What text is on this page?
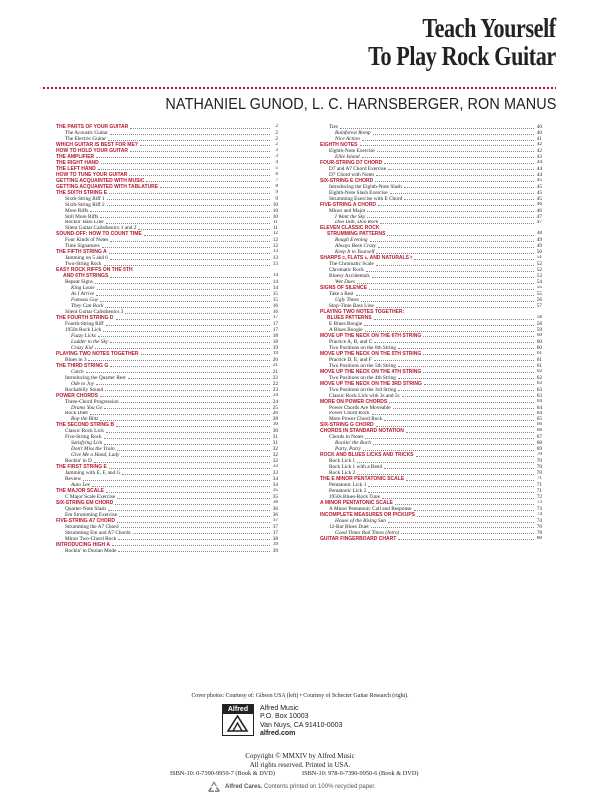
Teach Yourself
To Play Rock Guitar
NATHANIEL GUNOD, L. C. HARNSBERGER, RON MANUS
THE PARTS OF YOUR GUITAR	2
The Acoustic Guitar	2
The Electric Guitar	2
WHICH GUITAR IS BEST FOR ME?	2
HOW TO HOLD YOUR GUITAR	3
THE AMPLIFIER	3
THE RIGHT HAND	4
THE LEFT HAND	5
HOW TO TUNE YOUR GUITAR	6
GETTING ACQUAINTED WITH MUSIC	7
GETTING ACQUAINTED WITH TABLATURE	8
THE SIXTH STRING E	9
Sixth-String Riff 1	9
Sixth-String Riff 2	10
More Riffs	10
Still More Riffs	10
Rockin' Bass Line	11
Silent Guitar Calisthenics 1 and 2	11
SOUND-OFF: HOW TO COUNT TIME	12
Four Kinds of Notes	12
Time Signatures	12
THE FIFTH STRING A	13
Jamming on 5 and 6	13
Two-String Rock	13
EASY ROCK RIFFS ON THE 5TH
AND 6TH STRINGS	14
Repeat Signs	14
King Louie	14
As I Arrive	15
Famous Guy	15
They Can Rock	16
Silent Guitar Calisthenics 3	16
THE FOURTH STRING D	17
Fourth-String Riff	17
1950s Rock Lick	17
Fuzzy Licks	18
Ladder to the Sky	18
Crazy Kid	19
PLAYING TWO NOTES TOGETHER	19
Blues in 3	20
THE THIRD STRING G	21
Catch	21
Introducing the Quarter Rest	22
Ode to Joy	22
Rockabilly Sound	23
POWER CHORDS	24
Three-Chord Progression	24
Drums You Go	25
Rock Duet	26
Bop the Blitz	28
THE SECOND STRING B	30
Classic Rock Lick	30
Five-String Rock	31
Satisfying Lick	31
Don't Miss the Train	32
Give Me a Hand, Lady	32
Rockin' in D	32
THE FIRST STRING E	33
Jamming with E, F, and G	33
Review	34
Auto Lee	34
THE MAJOR SCALE	35
C Major Scale Exercise	35
SIX-STRING EM CHORD	36
Quarter-Note Slash	36
Em Strumming Exercise	36
FIVE-STRING A7 CHORD	37
Strumming the A7 Chord	37
Strumming Em and A7 Chords	37
Minor Two-Chord Rock	38
INTRODUCING HIGH A	39
Rockin' in Dorian Mode	39
Ties	40
Rainforest Romp	40
Nice Action	41
EIGHTH NOTES	42
Eighth-Note Exercise	42
Ellie Island	43
FOUR-STRING D7 CHORD	44
D7 and A7 Chord Exercise	44
D7 Chord with Notes	44
SIX-STRING E CHORD	45
Introducing the Eighth-Note Slash	45
Eighth-Note Slash Exercise	45
Strumming Exercise with E Chord	45
FIVE-STRING A CHORD	46
Minor and Major	46
I Want the Sky	47
Doo Dah, Doo Rock	47
ELEVEN CLASSIC ROCK
STRUMMING PATTERNS	48
Rough Evening	49
Always Been Crazy	49
Keep It to Yourself	50
SHARPS ♯, FLATS ♭, AND NATURALS ♮	51
The Chromatic Scale	52
Chromatic Rock	52
Bluesy Accidentals	53
Wet Dues	54
SIGNS OF SILENCE	55
Take a Rest	55
Ugly Times	56
Stop-Time Bass Line	57
PLAYING TWO NOTES TOGETHER:
BLUES PATTERNS	58
E Blues Boogie	58
A Blues Boogie	59
MOVE UP THE NECK ON THE 6TH STRING	60
Practice A, B, and C	60
Two Positions on the 6th String	60
MOVE UP THE NECK ON THE 5TH STRING	61
Practice D, E, and F	61
Two Positions on the 5th String	61
MOVE UP THE NECK ON THE 4TH STRING	62
Two Positions on the 4th String	62
MOVE UP THE NECK ON THE 3RD STRING	63
Two Positions on the 3rd String	63
Classic Rock Lick with 3s and 5s	63
MORE ON POWER CHORDS	64
Power Chords Are Moveable	64
Power Chord Rock	64
More Power Chord Rock	65
SIX-STRING G CHORD	66
CHORDS IN STANDARD NOTATION	66
Chords in Notes	67
Rockin' the Bach	68
Party, Party	69
ROCK AND BLUES LICKS AND TRICKS	70
Rock Lick 1	70
Rock Lick 1 with a Bend	70
Rock Lick 2	70
THE E MINOR PENTATONIC SCALE	71
Pentatonic Lick 1	71
Pentatonic Lick 2	71
1950s Blues-Rock Tune	72
A MINOR PENTATONIC SCALE	73
A Minor Pentatonic Call and Response	73
INCOMPLETE MEASURES OR PICKUPS	74
House of the Rising Sun	74
12-Bar Blues Duet	76
Good Times Bad Times (Intro)	78
GUITAR FINGERBOARD CHART	80
Cover photos: Courtesy of: Gibson USA (left) • Courtesy of Schecter Guitar Research (right).
Alfred	Alfred Music
P.O. Box 10003
Van Nuys, CA 91410-0003
alfred.com
Copyright © MMXIV by Alfred Music
All rights reserved. Printed in USA.
ISBN-10: 0-7390-9950-7 (Book & DVD)	ISBN-10: 978-0-7390-9950-6 (Book & DVD)
Alfred Cares. Contents printed on 100% recycled paper.
